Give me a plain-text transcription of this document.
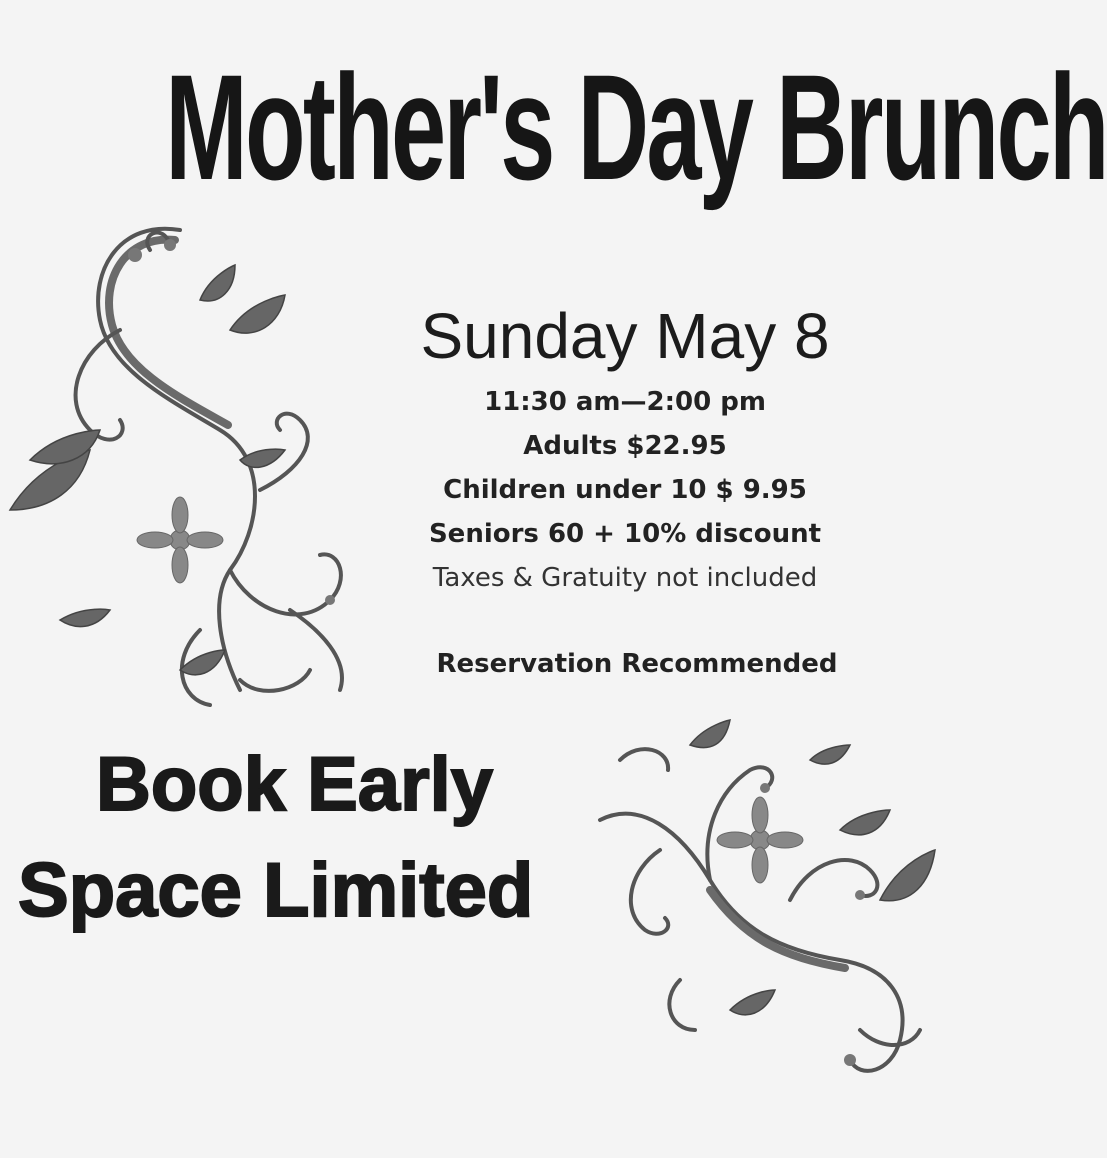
Mother's Day Brunch
Sunday May 8
11:30 am—2:00 pm
Adults $22.95
Children under 10 $ 9.95
Seniors 60 + 10% discount
Taxes & Gratuity not included
Reservation Recommended
Book Early
Space Limited
